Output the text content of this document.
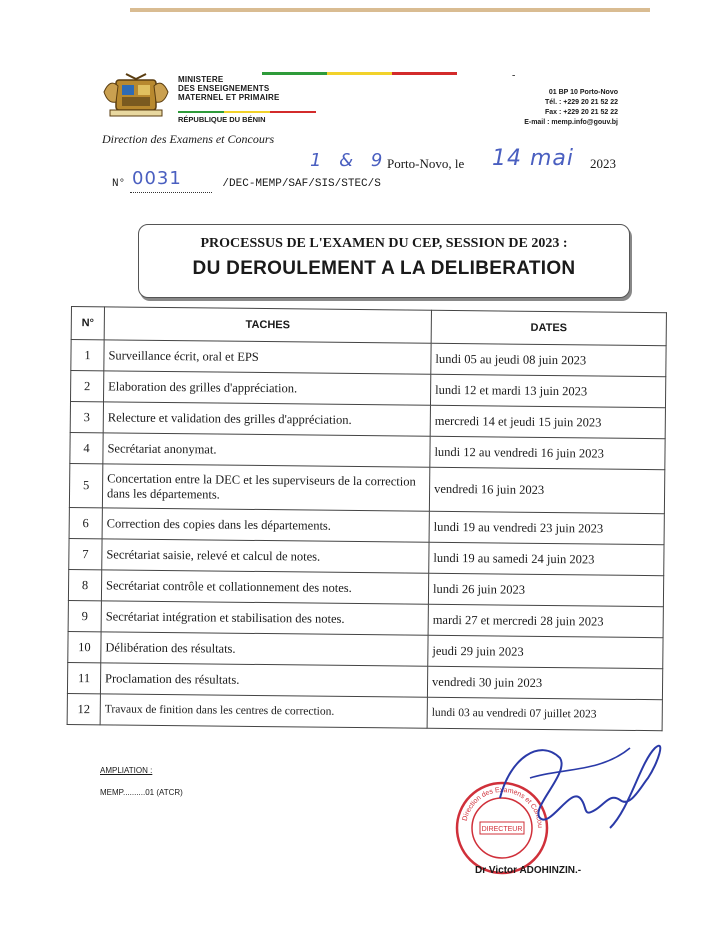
MINISTERE
DES ENSEIGNEMENTS
MATERNEL ET PRIMAIRE
RÉPUBLIQUE DU BÉNIN
Direction des Examens et Concours
-
01 BP 10 Porto-Novo
Tél. : +229 20 21 52 22
Fax : +229 20 21 52 22
E-mail : memp.info@gouv.bj
Porto-Novo, le 14 mai 2023
1 & 9
N°	/DEC-MEMP/SAF/SIS/STEC/S
0031
PROCESSUS DE L'EXAMEN DU CEP, SESSION DE 2023 :
DU DEROULEMENT A LA DELIBERATION
N°	TACHES	DATES
1	Surveillance écrit, oral et EPS	lundi 05 au jeudi 08 juin 2023
2	Elaboration des grilles d'appréciation.	lundi 12 et mardi 13 juin 2023
3	Relecture et validation des grilles d'appréciation.	mercredi 14 et jeudi 15 juin 2023
4	Secrétariat anonymat.	lundi 12 au vendredi 16 juin 2023
5	Concertation entre la DEC et les superviseurs de la correction dans les départements.	vendredi 16 juin 2023
6	Correction des copies dans les départements.	lundi 19 au vendredi 23 juin 2023
7	Secrétariat saisie, relevé et calcul de notes.	lundi 19 au samedi 24 juin 2023
8	Secrétariat contrôle et collationnement des notes.	lundi 26 juin 2023
9	Secrétariat intégration et stabilisation des notes.	mardi 27 et mercredi 28 juin 2023
10	Délibération des résultats.	jeudi 29 juin 2023
11	Proclamation des résultats.	vendredi 30 juin 2023
12	Travaux de finition dans les centres de correction.	lundi 03 au vendredi 07 juillet 2023
AMPLIATION :
MEMP..........01 (ATCR)
DIRECTEUR
Direction des Examens et Concou
Dr Victor ADOHINZIN.-
